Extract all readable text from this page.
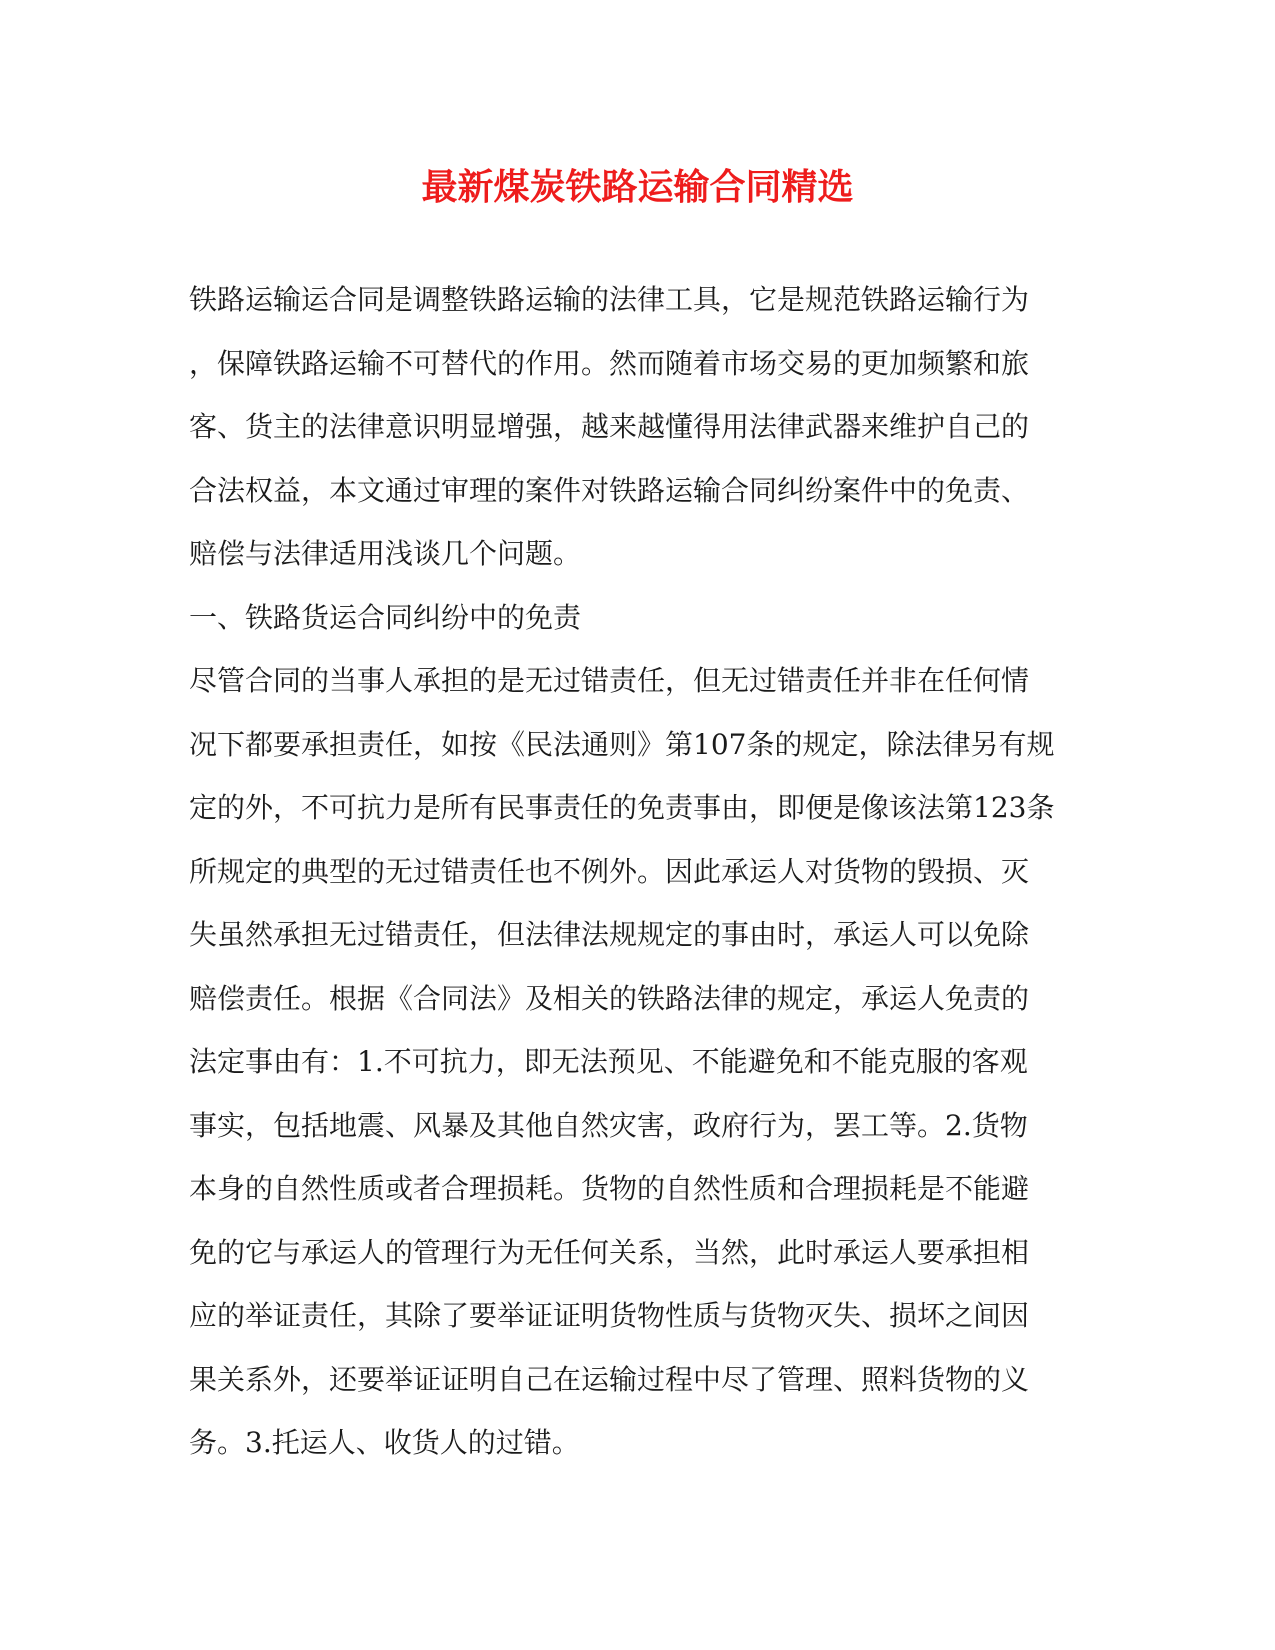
最新煤炭铁路运输合同精选
铁路运输运合同是调整铁路运输的法律工具，它是规范铁路运输行为
，保障铁路运输不可替代的作用。然而随着市场交易的更加频繁和旅
客、货主的法律意识明显增强，越来越懂得用法律武器来维护自己的
合法权益，本文通过审理的案件对铁路运输合同纠纷案件中的免责、
赔偿与法律适用浅谈几个问题。
一、铁路货运合同纠纷中的免责
尽管合同的当事人承担的是无过错责任，但无过错责任并非在任何情
况下都要承担责任，如按《民法通则》第107条的规定，除法律另有规
定的外，不可抗力是所有民事责任的免责事由，即便是像该法第123条
所规定的典型的无过错责任也不例外。因此承运人对货物的毁损、灭
失虽然承担无过错责任，但法律法规规定的事由时，承运人可以免除
赔偿责任。根据《合同法》及相关的铁路法律的规定，承运人免责的
法定事由有：1.不可抗力，即无法预见、不能避免和不能克服的客观
事实，包括地震、风暴及其他自然灾害，政府行为，罢工等。2.货物
本身的自然性质或者合理损耗。货物的自然性质和合理损耗是不能避
免的它与承运人的管理行为无任何关系，当然，此时承运人要承担相
应的举证责任，其除了要举证证明货物性质与货物灭失、损坏之间因
果关系外，还要举证证明自己在运输过程中尽了管理、照料货物的义
务。3.托运人、收货人的过错。
